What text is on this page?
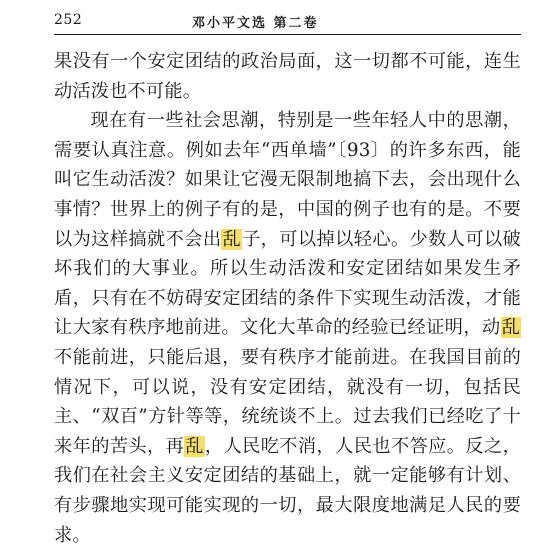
252	邓小平文选 第二卷

果没有一个安定团结的政治局面，这一切都不可能，连生动活泼也不可能。

现在有一些社会思潮，特别是一些年轻人中的思潮，需要认真注意。例如去年“西单墙”〔93〕的许多东西，能叫它生动活泼？如果让它漫无限制地搞下去，会出现什么事情？世界上的例子有的是，中国的例子也有的是。不要以为这样搞就不会出乱子，可以掉以轻心。少数人可以破坏我们的大事业。所以生动活泼和安定团结如果发生矛盾，只有在不妨碍安定团结的条件下实现生动活泼，才能让大家有秩序地前进。文化大革命的经验已经证明，动乱不能前进，只能后退，要有秩序才能前进。在我国目前的情况下，可以说，没有安定团结，就没有一切，包括民主、“双百”方针等等，统统谈不上。过去我们已经吃了十来年的苦头，再乱，人民吃不消，人民也不答应。反之，我们在社会主义安定团结的基础上，就一定能够有计划、有步骤地实现可能实现的一切，最大限度地满足人民的要求。
